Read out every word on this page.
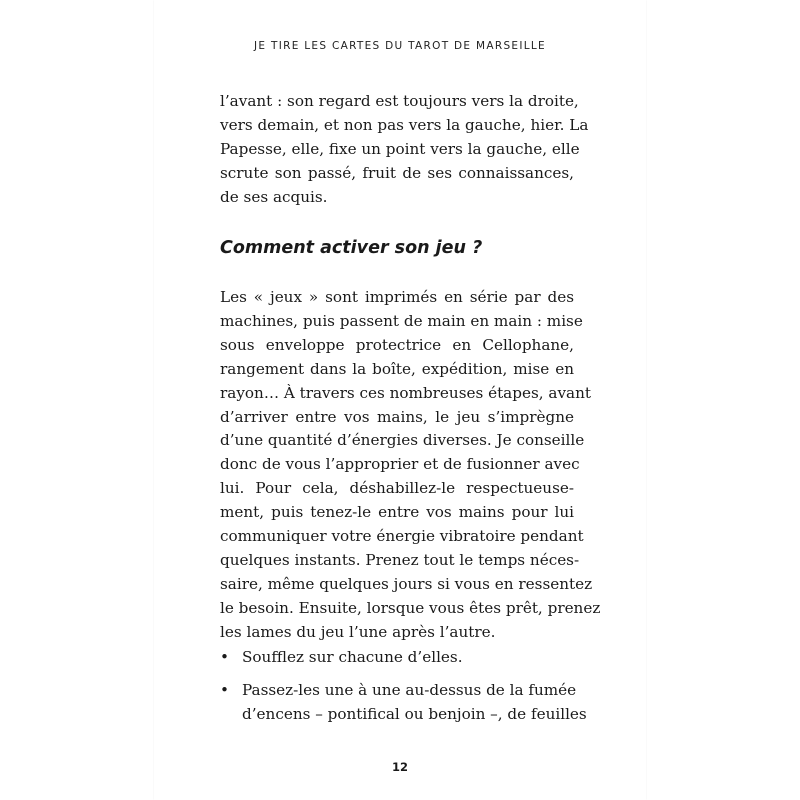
JE TIRE LES CARTES DU TAROT DE MARSEILLE

l’avant : son regard est toujours vers la droite,
vers demain, et non pas vers la gauche, hier. La
Papesse, elle, fixe un point vers la gauche, elle
scrute son passé, fruit de ses connaissances,
de ses acquis.

Comment activer son jeu ?

Les « jeux » sont imprimés en série par des
machines, puis passent de main en main : mise
sous enveloppe protectrice en Cellophane,
rangement dans la boîte, expédition, mise en
rayon… À travers ces nombreuses étapes, avant
d’arriver entre vos mains, le jeu s’imprègne
d’une quantité d’énergies diverses. Je conseille
donc de vous l’approprier et de fusionner avec
lui. Pour cela, déshabillez-le respectueuse-
ment, puis tenez-le entre vos mains pour lui
communiquer votre énergie vibratoire pendant
quelques instants. Prenez tout le temps néces-
saire, même quelques jours si vous en ressentez
le besoin. Ensuite, lorsque vous êtes prêt, prenez
les lames du jeu l’une après l’autre.

• Soufflez sur chacune d’elles.
• Passez-les une à une au-dessus de la fumée
d’encens – pontifical ou benjoin –, de feuilles
12
